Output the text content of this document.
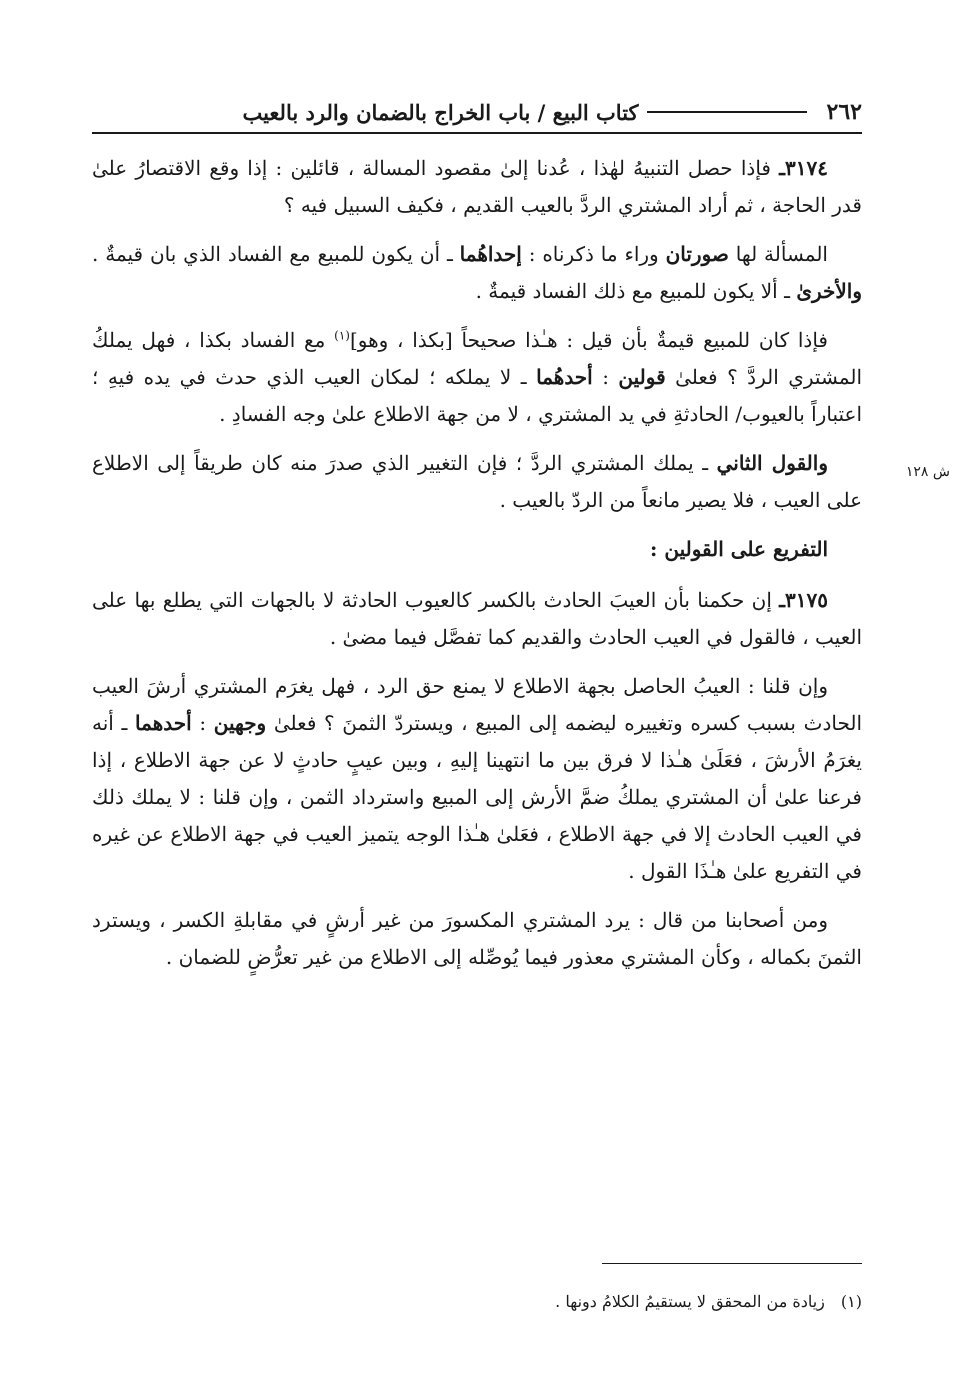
٢٦٢
كتاب البيع / باب الخراج بالضمان والرد بالعيب
ش ١٢٨

٣١٧٤ـ فإذا حصل التنبيهُ لهٰذا ، عُدنا إلىٰ مقصود المسالة ، قائلين : إذا وقع الاقتصارُ علىٰ قدر الحاجة ، ثم أراد المشتري الردَّ بالعيب القديم ، فكيف السبيل فيه ؟

المسألة لها صورتان وراء ما ذكرناه : إحداهُما ـ أن يكون للمبيع مع الفساد الذي بان قيمةٌ . والأخرىٰ ـ ألا يكون للمبيع مع ذلك الفساد قيمةٌ .

فإذا كان للمبيع قيمةٌ بأن قيل : هـٰذا صحيحاً [بكذا ، وهو]$^{(١)}$ مع الفساد بكذا ، فهل يملكُ المشتري الردَّ ؟ فعلىٰ قولين : أحدهُما ـ لا يملكه ؛ لمكان العيب الذي حدث في يده فيهِ ؛ اعتباراً بالعيوب/ الحادثةِ في يد المشتري ، لا من جهة الاطلاع علىٰ وجه الفسادِ .

والقول الثاني ـ يملك المشتري الردَّ ؛ فإن التغيير الذي صدرَ منه كان طريقاً إلى الاطلاع على العيب ، فلا يصير مانعاً من الردّ بالعيب .

التفريع على القولين :

٣١٧٥ـ إن حكمنا بأن العيبَ الحادث بالكسر كالعيوب الحادثة لا بالجهات التي يطلع بها على العيب ، فالقول في العيب الحادث والقديم كما تفصَّل فيما مضىٰ .

وإن قلنا : العيبُ الحاصل بجهة الاطلاع لا يمنع حق الرد ، فهل يغرَم المشتري أرشَ العيب الحادث بسبب كسره وتغييره ليضمه إلى المبيع ، ويستردّ الثمنَ ؟ فعلىٰ وجهين : أحدهما ـ أنه يغرَمُ الأرشَ ، فعَلَىٰ هـٰذا لا فرق بين ما انتهينا إليهِ ، وبين عيبٍ حادثٍ لا عن جهة الاطلاع ، إذا فرعنا علىٰ أن المشتري يملكُ ضمَّ الأرش إلى المبيع واسترداد الثمن ، وإن قلنا : لا يملك ذلك في العيب الحادث إلا في جهة الاطلاع ، فعَلىٰ هـٰذا الوجه يتميز العيب في جهة الاطلاع عن غيره في التفريع علىٰ هـٰذَا القول .

ومن أصحابنا من قال : يرد المشتري المكسورَ من غير أرشٍ في مقابلةِ الكسر ، ويسترد الثمنَ بكماله ، وكأن المشتري معذور فيما يُوصِّله إلى الاطلاع من غير تعرُّضٍ للضمان .

(١)زيادة من المحقق لا يستقيمُ الكلامُ دونها .
